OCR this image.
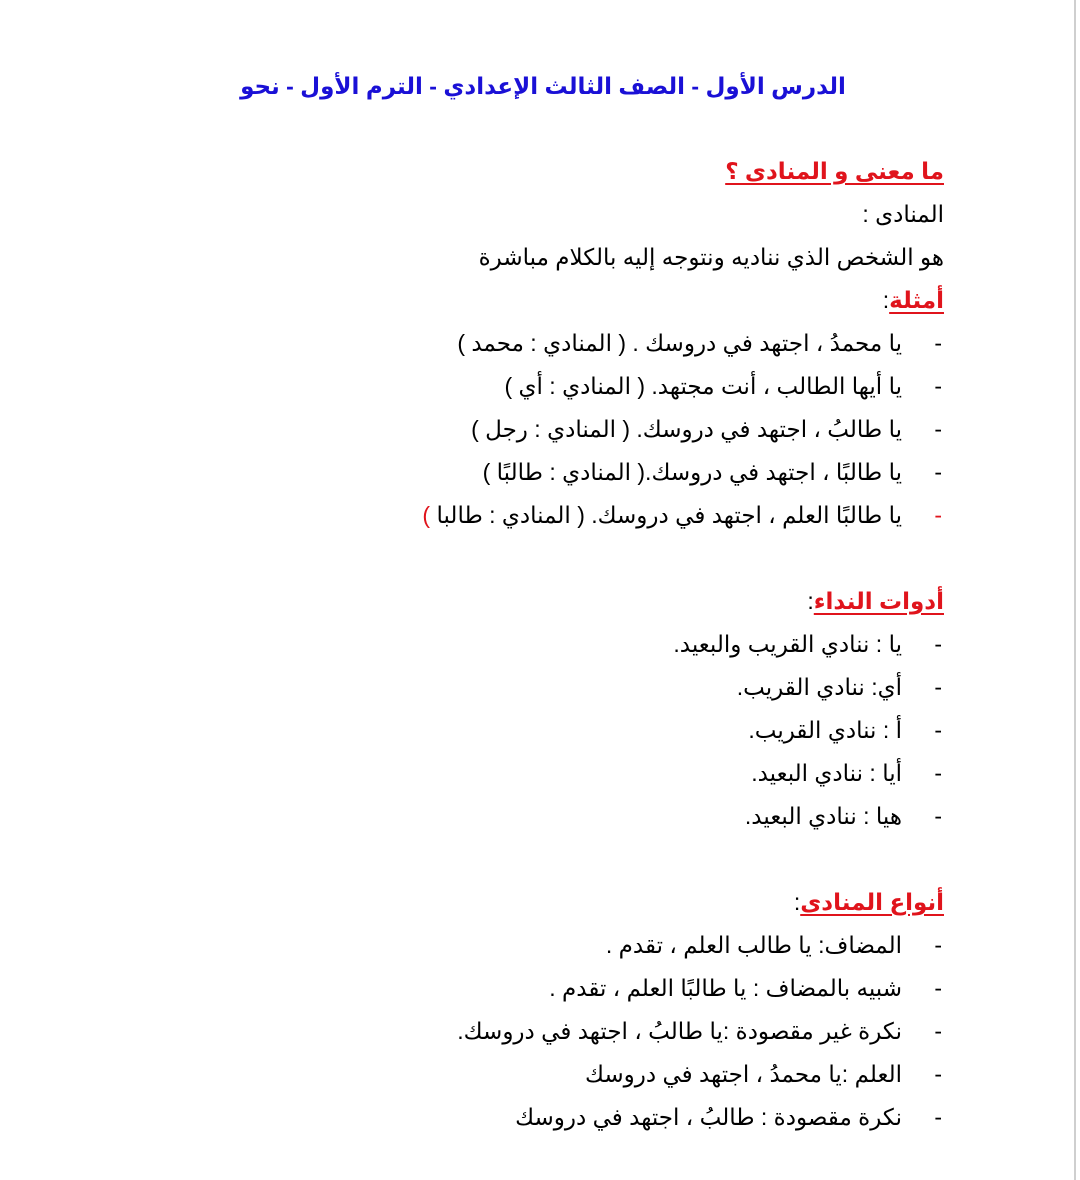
الدرس الأول - الصف الثالث الإعدادي - الترم الأول - نحو
ما معنى و المنادى ؟
المنادى :
هو الشخص الذي نناديه ونتوجه إليه بالكلام مباشرة
أمثلة:
-
يا محمدُ ، اجتهد في دروسك . ( المنادي : محمد )
-
يا أيها الطالب ، أنت مجتهد. ( المنادي : أي )
-
يا طالبُ ، اجتهد في دروسك. ( المنادي : رجل )
-
يا طالبًا ، اجتهد في دروسك.( المنادي : طالبًا )
-
يا طالبًا العلم ، اجتهد في دروسك. ( المنادي : طالبا )
أدوات النداء:
-
يا : ننادي القريب والبعيد.
-
أي: ننادي القريب.
-
أ : ننادي القريب.
-
أيا : ننادي البعيد.
-
هيا : ننادي البعيد.
أنواع المنادى:
-
المضاف: يا طالب العلم ، تقدم .
-
شبيه بالمضاف : يا طالبًا العلم ، تقدم .
-
نكرة غير مقصودة :يا طالبُ ، اجتهد في دروسك.
-
العلم :يا محمدُ ، اجتهد في دروسك
-
نكرة مقصودة : طالبُ ، اجتهد في دروسك
